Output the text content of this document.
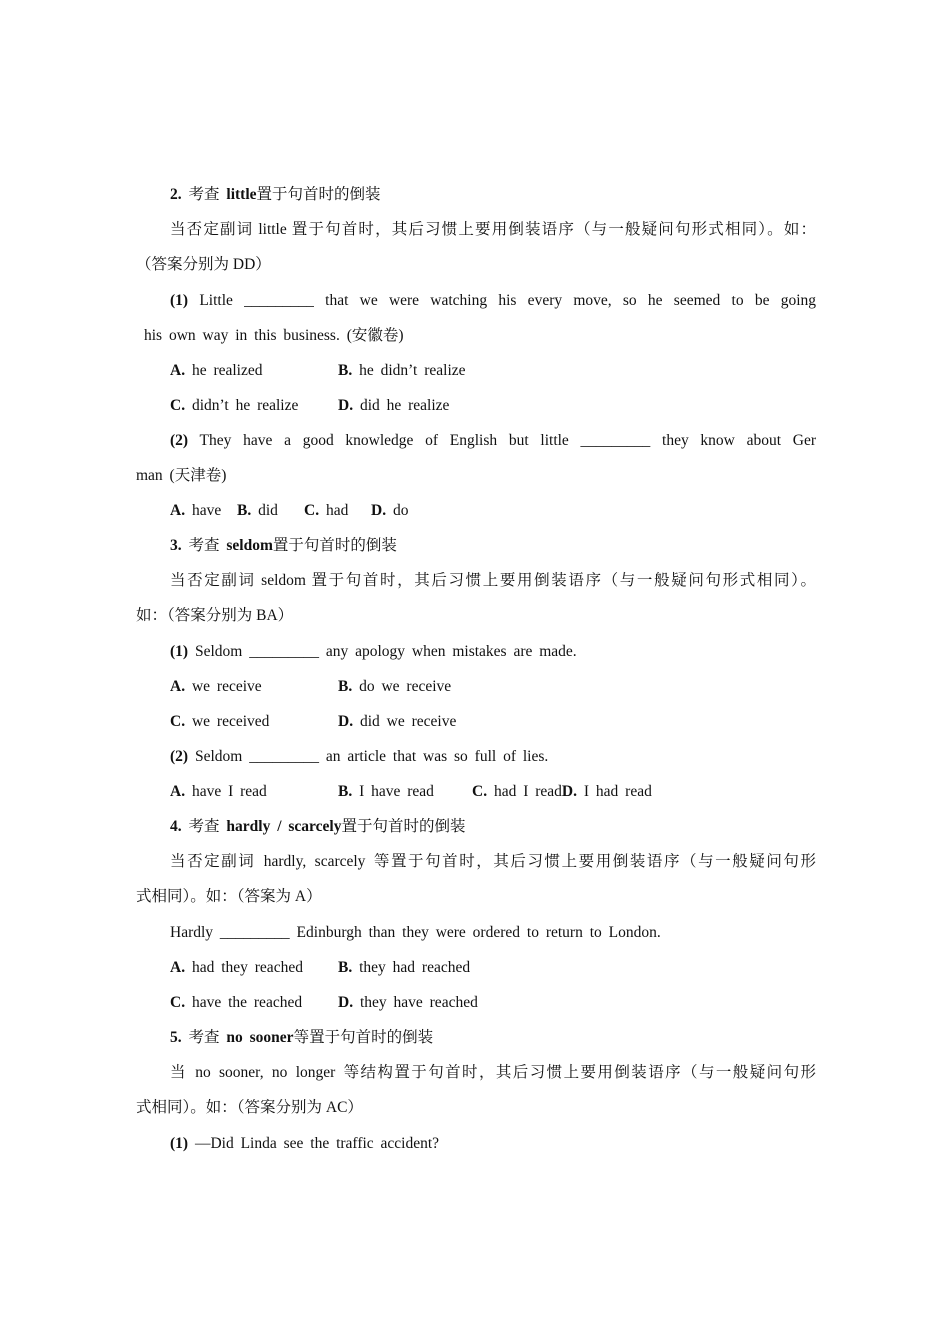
2. 考查 little置于句首时的倒装
当否定副词 little 置于句首时，其后习惯上要用倒装语序（与一般疑问句形式相同）。如：
（答案分别为 DD）
(1) Little _________ that we were watching his every move, so he seemed to be going
his own way in this business. (安徽卷)
A. he realized	B. he didn’t realize
C. didn’t he realize	D. did he realize
(2) They have a good knowledge of English but little _________ they know about Ger
man (天津卷)
A. have B. did C. had D. do
3. 考查 seldom置于句首时的倒装
当否定副词 seldom 置于句首时，其后习惯上要用倒装语序（与一般疑问句形式相同）。
如：（答案分别为 BA）
(1) Seldom _________ any apology when mistakes are made.
A. we receive	B. do we receive
C. we received	D. did we receive
(2) Seldom _________ an article that was so full of lies.
A. have I read	B. I have read C. had I readD. I had read
4. 考查 hardly / scarcely置于句首时的倒装
当否定副词 hardly, scarcely 等置于句首时，其后习惯上要用倒装语序（与一般疑问句形
式相同）。如：（答案为 A）
Hardly _________ Edinburgh than they were ordered to return to London.
A. had they reached B. they had reached
C. have the reached D. they have reached
5. 考查 no sooner等置于句首时的倒装
当 no sooner, no longer 等结构置于句首时，其后习惯上要用倒装语序（与一般疑问句形
式相同）。如：（答案分别为 AC）
(1) —Did Linda see the traffic accident?
